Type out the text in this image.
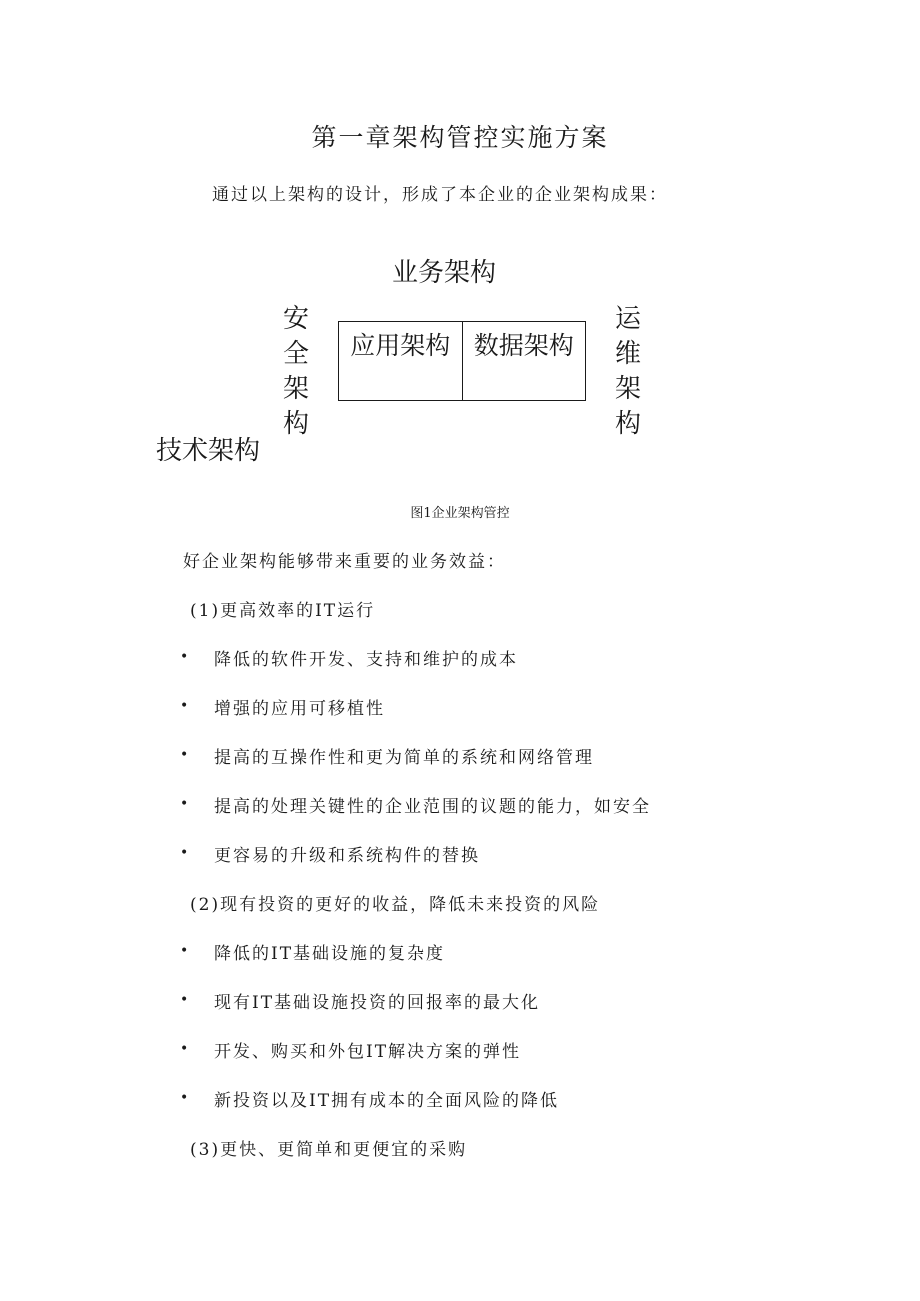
第一章架构管控实施方案
通过以上架构的设计，形成了本企业的企业架构成果：
业务架构
安全架构
应用架构 数据架构
运维架构
技术架构
图1企业架构管控
好企业架构能够带来重要的业务效益：
(1)更高效率的IT运行
• 降低的软件开发、支持和维护的成本
• 增强的应用可移植性
• 提高的互操作性和更为简单的系统和网络管理
• 提高的处理关键性的企业范围的议题的能力，如安全
• 更容易的升级和系统构件的替换
(2)现有投资的更好的收益，降低未来投资的风险
• 降低的IT基础设施的复杂度
• 现有IT基础设施投资的回报率的最大化
• 开发、购买和外包IT解决方案的弹性
• 新投资以及IT拥有成本的全面风险的降低
(3)更快、更简单和更便宜的采购
